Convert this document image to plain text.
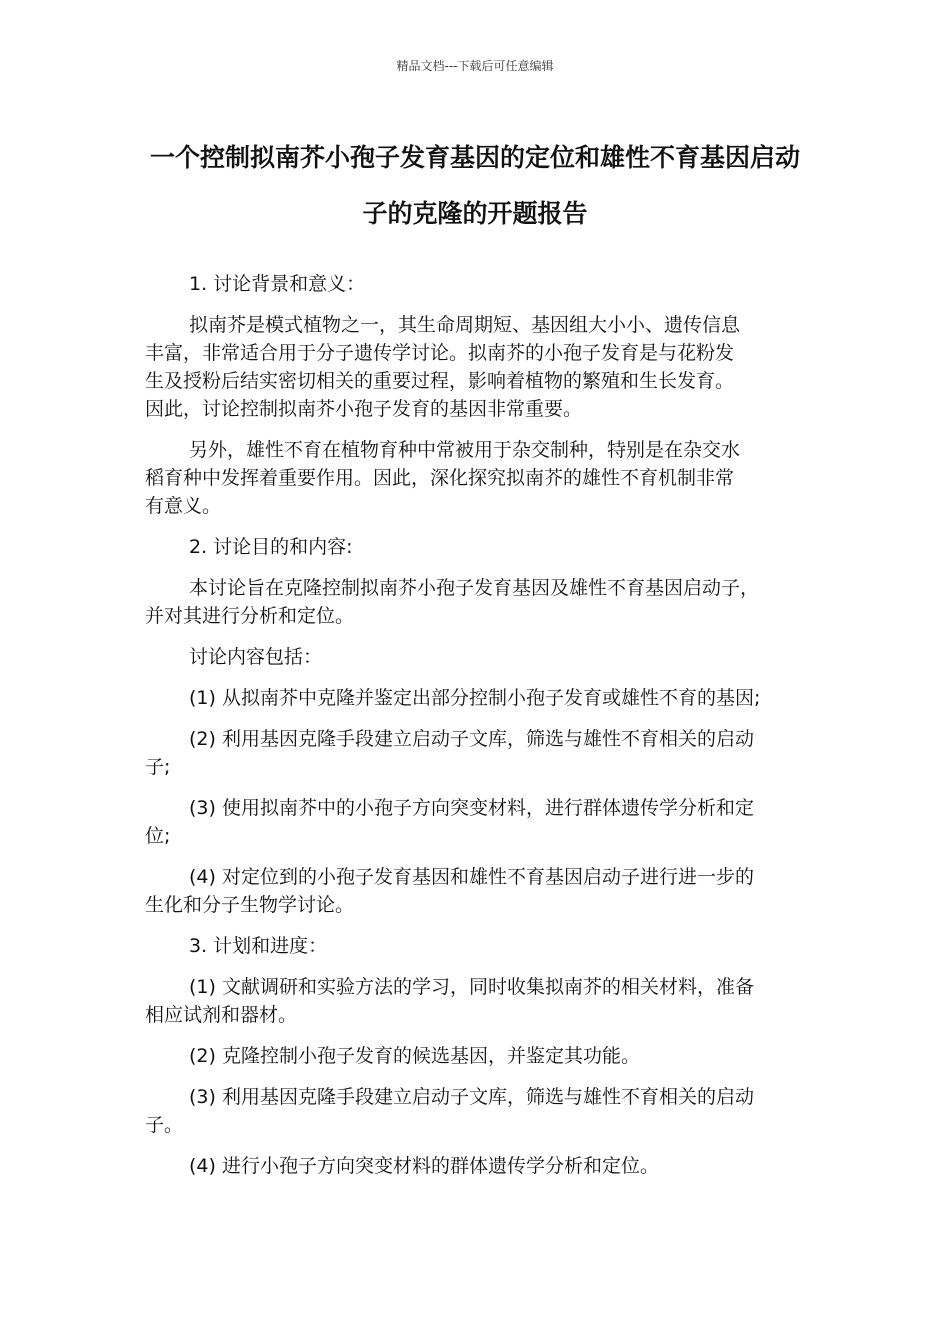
精品文档---下载后可任意编辑
一个控制拟南芥小孢子发育基因的定位和雄性不育基因启动子的克隆的开题报告

1. 讨论背景和意义：

拟南芥是模式植物之一，其生命周期短、基因组大小小、遗传信息
丰富，非常适合用于分子遗传学讨论。拟南芥的小孢子发育是与花粉发
生及授粉后结实密切相关的重要过程，影响着植物的繁殖和生长发育。
因此，讨论控制拟南芥小孢子发育的基因非常重要。

另外，雄性不育在植物育种中常被用于杂交制种，特别是在杂交水
稻育种中发挥着重要作用。因此，深化探究拟南芥的雄性不育机制非常
有意义。

2. 讨论目的和内容:

本讨论旨在克隆控制拟南芥小孢子发育基因及雄性不育基因启动子，
并对其进行分析和定位。

讨论内容包括：

(1) 从拟南芥中克隆并鉴定出部分控制小孢子发育或雄性不育的基因;

(2) 利用基因克隆手段建立启动子文库，筛选与雄性不育相关的启动
子;

(3) 使用拟南芥中的小孢子方向突变材料，进行群体遗传学分析和定
位;

(4) 对定位到的小孢子发育基因和雄性不育基因启动子进行进一步的
生化和分子生物学讨论。

3. 计划和进度：

(1) 文献调研和实验方法的学习，同时收集拟南芥的相关材料，准备
相应试剂和器材。

(2) 克隆控制小孢子发育的候选基因，并鉴定其功能。

(3) 利用基因克隆手段建立启动子文库，筛选与雄性不育相关的启动
子。

(4) 进行小孢子方向突变材料的群体遗传学分析和定位。
